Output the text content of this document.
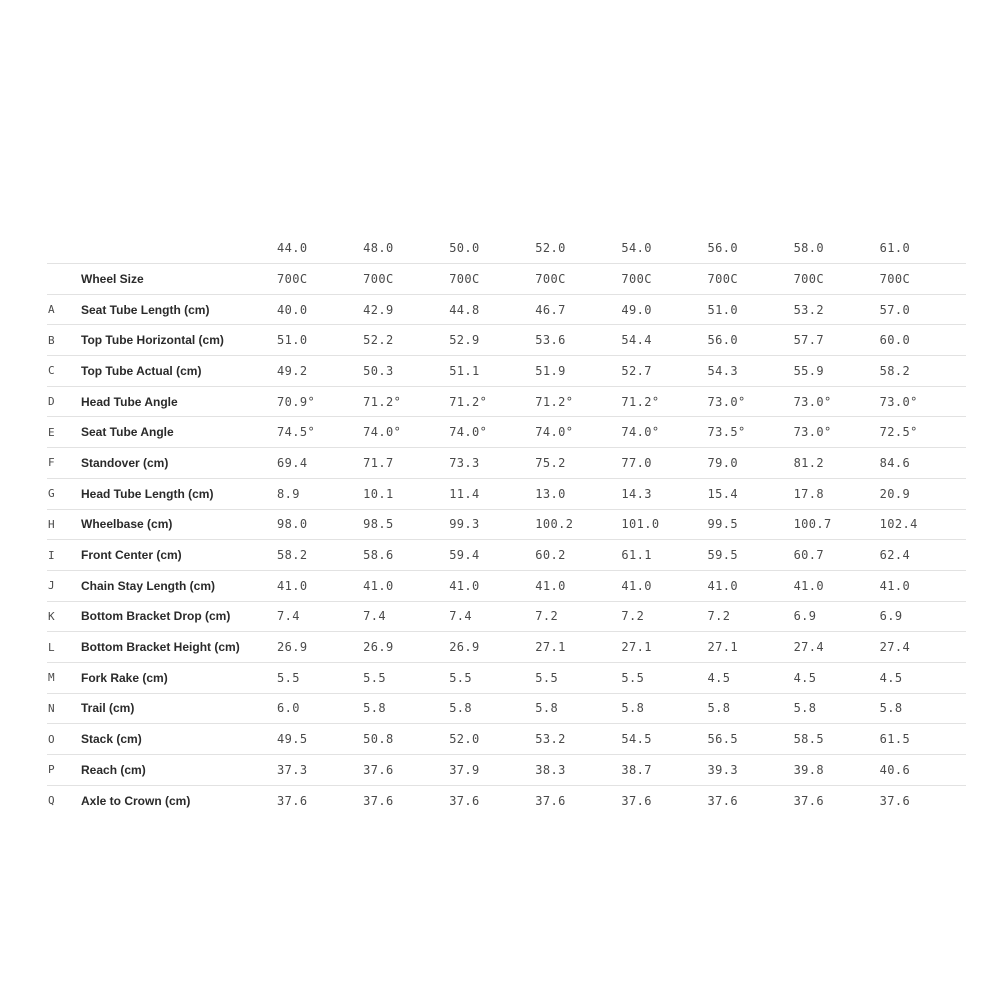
		44.0	48.0	50.0	52.0	54.0	56.0	58.0	61.0
	Wheel Size	700C	700C	700C	700C	700C	700C	700C	700C
A	Seat Tube Length (cm)	40.0	42.9	44.8	46.7	49.0	51.0	53.2	57.0
B	Top Tube Horizontal (cm)	51.0	52.2	52.9	53.6	54.4	56.0	57.7	60.0
C	Top Tube Actual (cm)	49.2	50.3	51.1	51.9	52.7	54.3	55.9	58.2
D	Head Tube Angle	70.9°	71.2°	71.2°	71.2°	71.2°	73.0°	73.0°	73.0°
E	Seat Tube Angle	74.5°	74.0°	74.0°	74.0°	74.0°	73.5°	73.0°	72.5°
F	Standover (cm)	69.4	71.7	73.3	75.2	77.0	79.0	81.2	84.6
G	Head Tube Length (cm)	8.9	10.1	11.4	13.0	14.3	15.4	17.8	20.9
H	Wheelbase (cm)	98.0	98.5	99.3	100.2	101.0	99.5	100.7	102.4
I	Front Center (cm)	58.2	58.6	59.4	60.2	61.1	59.5	60.7	62.4
J	Chain Stay Length (cm)	41.0	41.0	41.0	41.0	41.0	41.0	41.0	41.0
K	Bottom Bracket Drop (cm)	7.4	7.4	7.4	7.2	7.2	7.2	6.9	6.9
L	Bottom Bracket Height (cm)	26.9	26.9	26.9	27.1	27.1	27.1	27.4	27.4
M	Fork Rake (cm)	5.5	5.5	5.5	5.5	5.5	4.5	4.5	4.5
N	Trail (cm)	6.0	5.8	5.8	5.8	5.8	5.8	5.8	5.8
O	Stack (cm)	49.5	50.8	52.0	53.2	54.5	56.5	58.5	61.5
P	Reach (cm)	37.3	37.6	37.9	38.3	38.7	39.3	39.8	40.6
Q	Axle to Crown (cm)	37.6	37.6	37.6	37.6	37.6	37.6	37.6	37.6
